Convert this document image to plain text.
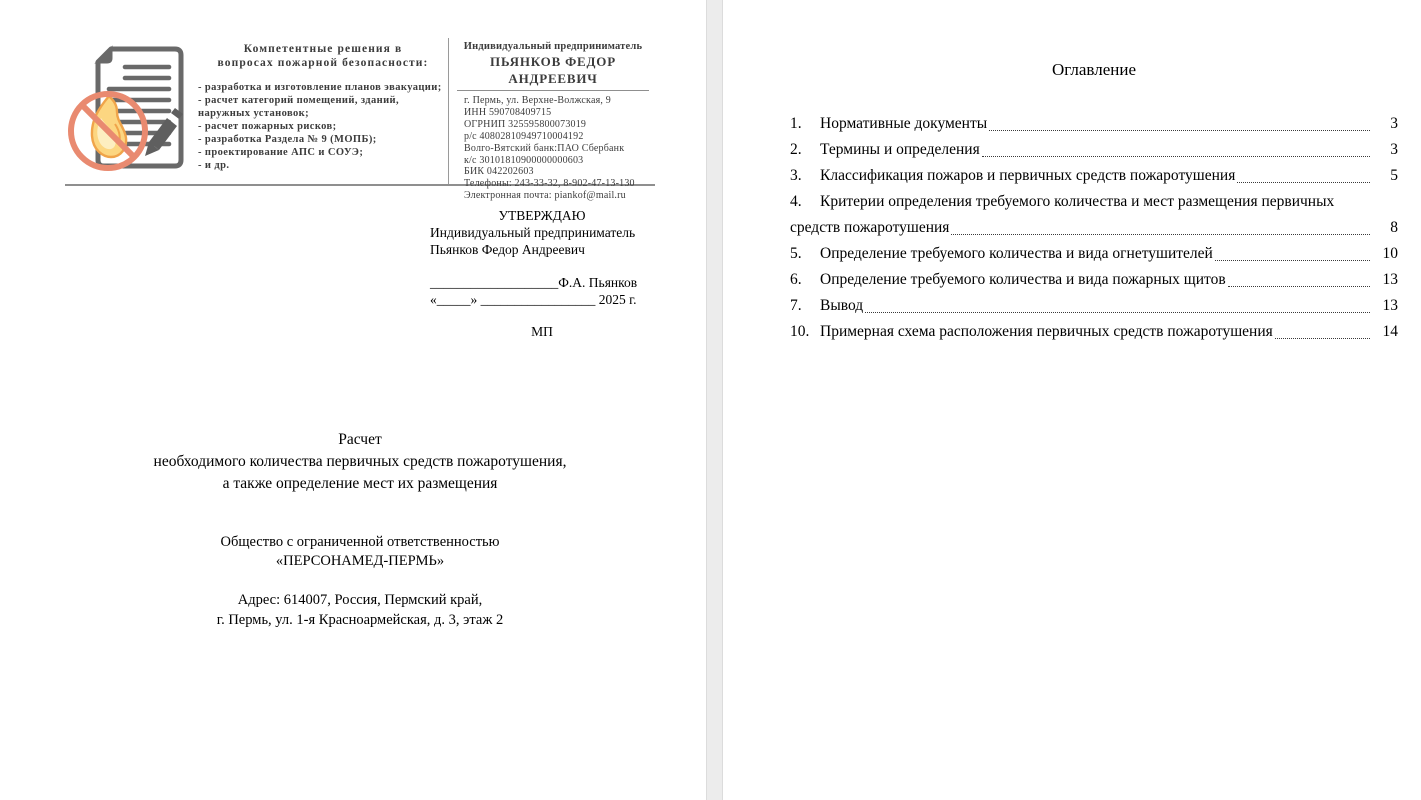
Компетентные решения в
вопросах пожарной безопасности:
- разработка и изготовление планов эвакуации;
- расчет категорий помещений, зданий,
наружных установок;
- расчет пожарных рисков;
- разработка Раздела № 9 (МОПБ);
- проектирование АПС и СОУЭ;
- и др.
Индивидуальный предприниматель
ПЬЯНКОВ ФЕДОР АНДРЕЕВИЧ
г. Пермь, ул. Верхне-Волжская, 9
ИНН 590708409715
ОГРНИП 325595800073019
р/с 40802810949710004192
Волго-Вятский банк:ПАО Сбербанк
к/с 30101810900000000603
БИК 042202603
Телефоны: 243-33-32, 8-902-47-13-130
Электронная почта: piankof@mail.ru
УТВЕРЖДАЮ
Индивидуальный предприниматель
Пьянков Федор Андреевич
___________________Ф.А. Пьянков
«_____» _________________ 2025 г.
МП
Расчет
необходимого количества первичных средств пожаротушения,
а также определение мест их размещения
Общество с ограниченной ответственностью
«ПЕРСОНАМЕД-ПЕРМЬ»
Адрес: 614007, Россия, Пермский край,
г. Пермь, ул. 1-я Красноармейская, д. 3, этаж 2
Оглавление
1.	Нормативные документы	3
2.	Термины и определения	3
3.	Классификация пожаров и первичных средств пожаротушения	5
4.	Критерии определения требуемого количества и мест размещения первичных
средств пожаротушения	8
5.	Определение требуемого количества и вида огнетушителей	10
6.	Определение требуемого количества и вида пожарных щитов	13
7.	Вывод	13
10. Примерная схема расположения первичных средств пожаротушения	14
